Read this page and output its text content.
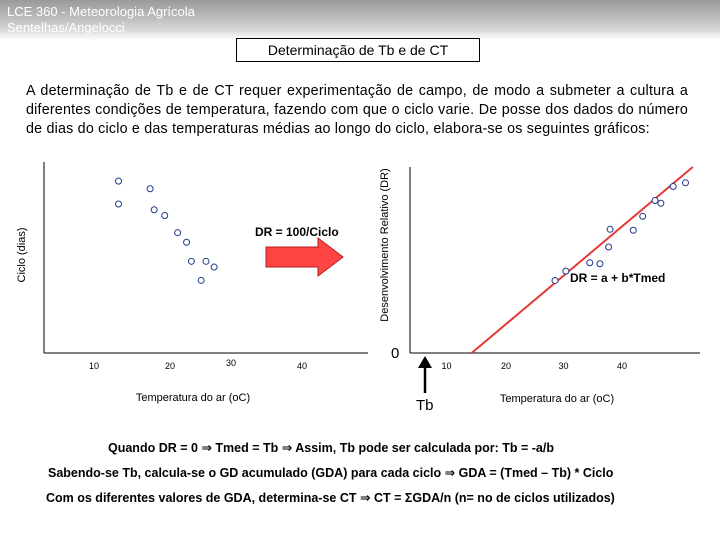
LCE 360 - Meteorologia Agrícola
Sentelhas/Angelocci
Determinação de Tb e de CT
A determinação de Tb e de CT requer experimentação de campo, de modo a submeter a cultura a diferentes condições de temperatura, fazendo com que o ciclo varie. De posse dos dados do número de dias do ciclo e das temperaturas médias ao longo do ciclo, elabora-se os seguintes gráficos:
Ciclo (dias)
Temperatura do ar (oC)
10	20	30	40
DR = 100/Ciclo	Desenvolvimento Relativo (DR)
Temperatura do ar (oC)
0
10	20	30	40
DR = a + b*Tmed
Tb
Quando DR = 0 ⇒ Tmed = Tb ⇒ Assim, Tb pode ser calculada por: Tb = -a/b
Sabendo-se Tb, calcula-se o GD acumulado (GDA) para cada ciclo ⇒ GDA = (Tmed – Tb) * Ciclo
Com os diferentes valores de GDA, determina-se CT ⇒ CT = ΣGDA/n (n= no de ciclos utilizados)
